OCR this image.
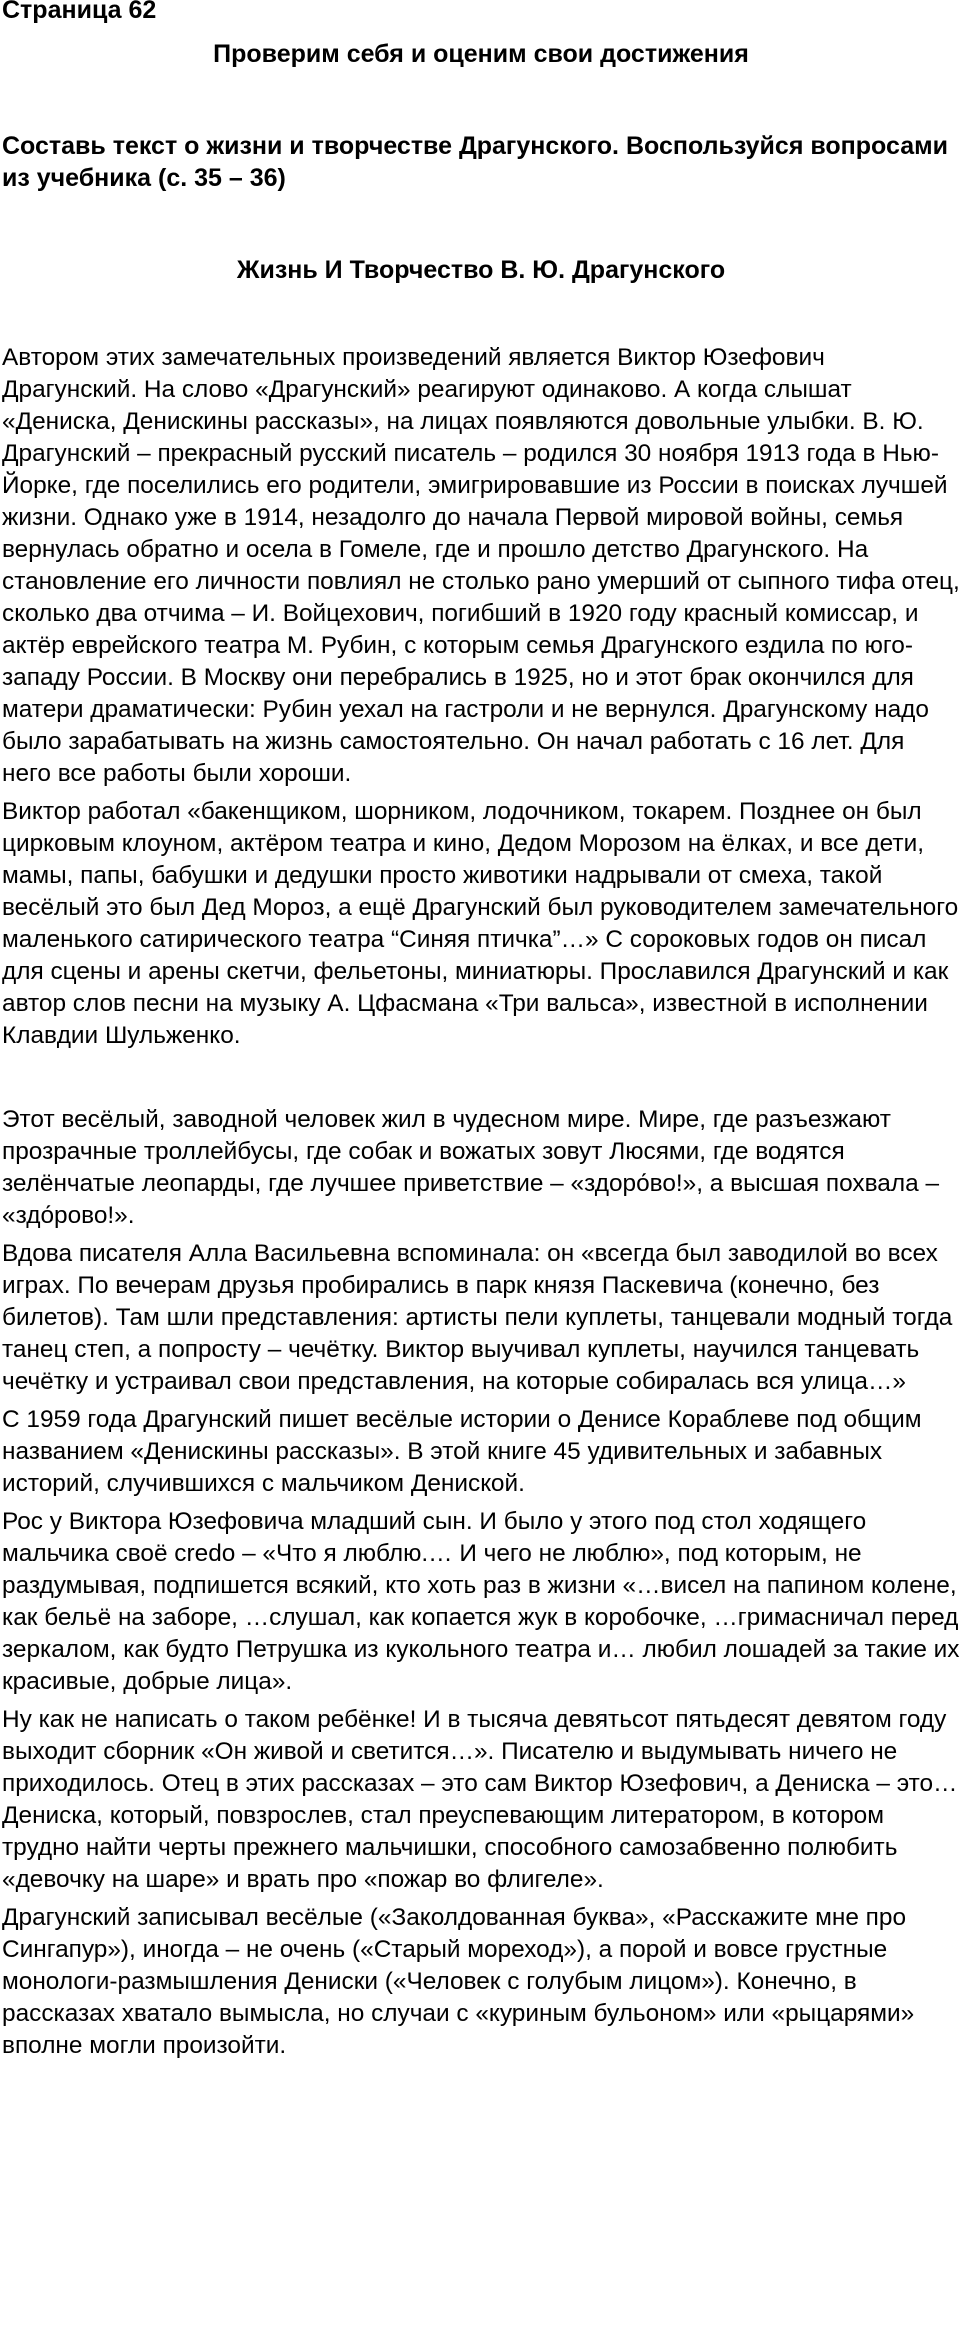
Страница 62
Проверим себя и оценим свои достижения
Составь текст о жизни и творчестве Драгунского. Воспользуйся вопросами из учебника (с. 35 – 36)
Жизнь И Творчество В. Ю. Драгунского

Автором этих замечательных произведений является Виктор Юзефович Драгунский. На слово «Драгунский» реагируют одинаково. А когда слышат «Дениска, Денискины рассказы», на лицах появляются довольные улыбки. В. Ю. Драгунский – прекрасный русский писатель – родился 30 ноября 1913 года в Нью-Йорке, где поселились его родители, эмигрировавшие из России в поисках лучшей жизни. Однако уже в 1914, незадолго до начала Первой мировой войны, семья вернулась обратно и осела в Гомеле, где и прошло детство Драгунского. На становление его личности повлиял не столько рано умерший от сыпного тифа отец, сколько два отчима – И. Войцехович, погибший в 1920 году красный комиссар, и актёр еврейского театра М. Рубин, с которым семья Драгунского ездила по юго-западу России. В Москву они перебрались в 1925, но и этот брак окончился для матери драматически: Рубин уехал на гастроли и не вернулся. Драгунскому надо было зарабатывать на жизнь самостоятельно. Он начал работать с 16 лет. Для него все работы были хороши.

Виктор работал «бакенщиком, шорником, лодочником, токарем. Позднее он был цирковым клоуном, актёром театра и кино, Дедом Морозом на ёлках, и все дети, мамы, папы, бабушки и дедушки просто животики надрывали от смеха, такой весёлый это был Дед Мороз, а ещё Драгунский был руководителем замечательного маленького сатирического театра “Синяя птичка”…» С сороковых годов он писал для сцены и арены скетчи, фельетоны, миниатюры. Прославился Драгунский и как автор слов песни на музыку А. Цфасмана «Три вальса», известной в исполнении Клавдии Шульженко.

Этот весёлый, заводной человек жил в чудесном мире. Мире, где разъезжают прозрачные троллейбусы, где собак и вожатых зовут Люсями, где водятся зелёнчатые леопарды, где лучшее приветствие – «здоро́во!», а высшая похвала – «здо́рово!».

Вдова писателя Алла Васильевна вспоминала: он «всегда был заводилой во всех играх. По вечерам друзья пробирались в парк князя Паскевича (конечно, без билетов). Там шли представления: артисты пели куплеты, танцевали модный тогда танец степ, а попросту – чечётку. Виктор выучивал куплеты, научился танцевать чечётку и устраивал свои представления, на которые собиралась вся улица…»

С 1959 года Драгунский пишет весёлые истории о Денисе Кораблеве под общим названием «Денискины рассказы». В этой книге 45 удивительных и забавных историй, случившихся с мальчиком Денискoй.

Рос у Виктора Юзефовича младший сын. И было у этого под стол ходящего мальчика своё credo – «Что я люблю.… И чего не люблю», под которым, не раздумывая, подпишется всякий, кто хоть раз в жизни «…висел на папином колене, как бельё на заборе, …слушал, как копается жук в коробочке, …гримасничал перед зеркалом, как будто Петрушка из кукольного театра и… любил лошадей за такие их красивые, добрые лица».

Ну как не написать о таком ребёнке! И в тысяча девятьсот пятьдесят девятом году выходит сборник «Он живой и светится…». Писателю и выдумывать ничего не приходилось. Отец в этих рассказах – это сам Виктор Юзефович, а Дениска – это… Дениска, который, повзрослев, стал преуспевающим литератором, в котором трудно найти черты прежнего мальчишки, способного самозабвенно полюбить «девочку на шаре» и врать про «пожар во флигеле».

Драгунский записывал весёлые («Заколдованная буква», «Расскажите мне про Сингапур»), иногда – не очень («Старый мореход»), а порой и вовсе грустные монологи-размышления Дениски («Человек с голубым лицом»). Конечно, в рассказах хватало вымысла, но случаи с «куриным бульоном» или «рыцарями» вполне могли произойти.
